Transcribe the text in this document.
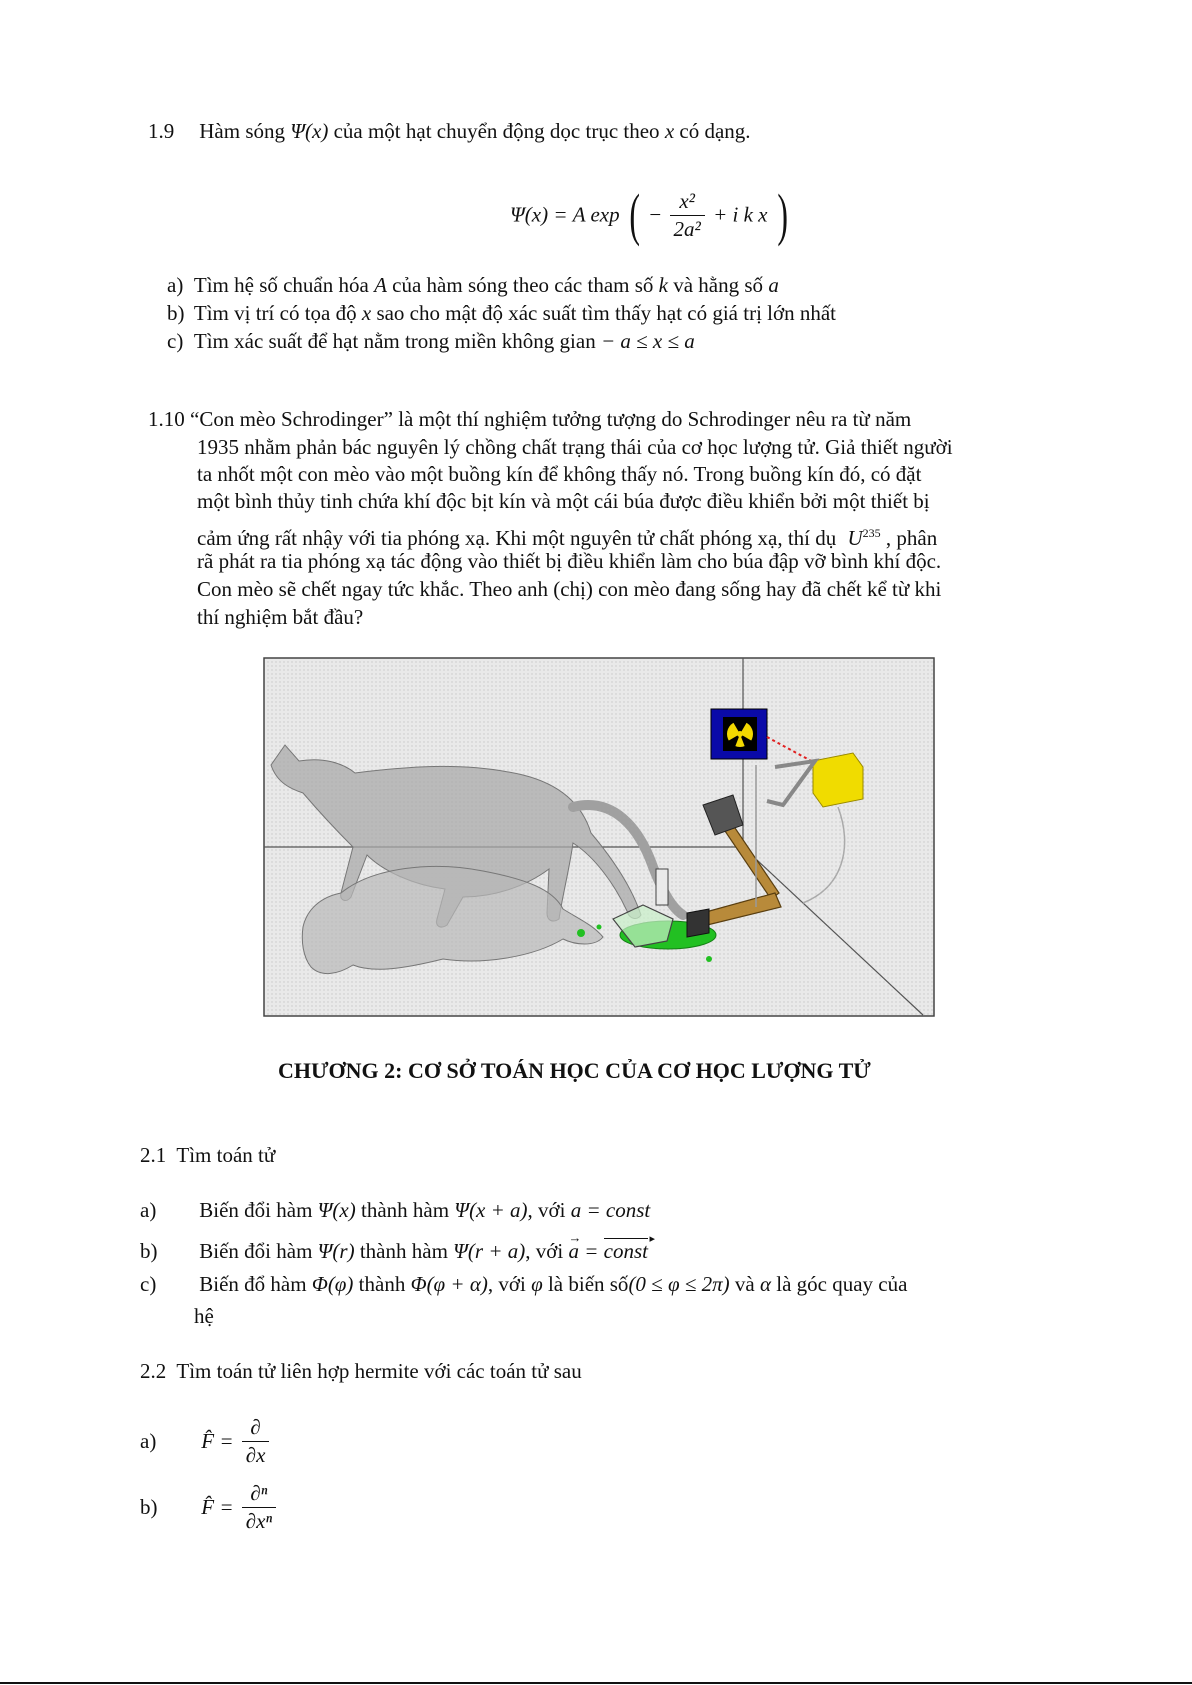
1.9 Hàm sóng Ψ(x) của một hạt chuyển động dọc trục theo x có dạng.
Ψ(x) = A exp ( − $\frac{\text{x²}}{\text{2a²}} + i$ k x )
a) Tìm hệ số chuẩn hóa A của hàm sóng theo các tham số k và hằng số a
b) Tìm vị trí có tọa độ x sao cho mật độ xác suất tìm thấy hạt có giá trị lớn nhất
c) Tìm xác suất để hạt nằm trong miền không gian − a ≤ x ≤ a
1.10 “Con mèo Schrodinger” là một thí nghiệm tưởng tượng do Schrodinger nêu ra từ năm
1935 nhằm phản bác nguyên lý chồng chất trạng thái của cơ học lượng tử. Giả thiết người
ta nhốt một con mèo vào một buồng kín để không thấy nó. Trong buồng kín đó, có đặt
một bình thủy tinh chứa khí độc bịt kín và một cái búa được điều khiển bởi một thiết bị
cảm ứng rất nhậy với tia phóng xạ. Khi một nguyên tử chất phóng xạ, thí dụ $U^{235}$ , phân
rã phát ra tia phóng xạ tác động vào thiết bị điều khiển làm cho búa đập vỡ bình khí độc.
Con mèo sẽ chết ngay tức khắc. Theo anh (chị) con mèo đang sống hay đã chết kể từ khi
thí nghiệm bắt đầu?
CHƯƠNG 2: CƠ SỞ TOÁN HỌC CỦA CƠ HỌC LƯỢNG TỬ
2.1 Tìm toán tử
a) Biến đổi hàm Ψ(x) thành hàm Ψ(x + a), với a = const
b) Biến đổi hàm Ψ(r) thành hàm Ψ(r + a), với → a = const ▸
c) Biến đổ hàm Φ(φ) thành Φ(φ + α), với φ là biến số(0 ≤ φ ≤ 2π) và α là góc quay của
hệ
2.2 Tìm toán tử liên hợp hermite với các toán tử sau
a) F̂ = $\frac{\partial}{\partial x}$
b) F̂ = $\frac{\text{∂ⁿ}}{\text{∂xⁿ}}$
